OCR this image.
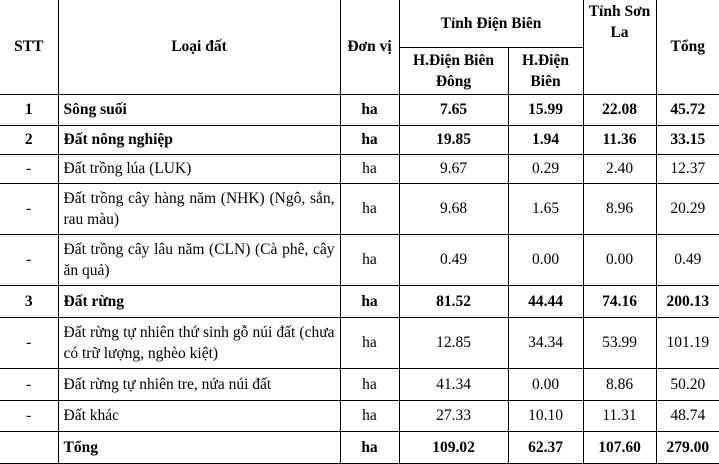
STT	Loại đất	Đơn vị	Tỉnh Điện Biên		Tỉnh Sơn La	Tổng
			H.Điện Biên Đông	H.Điện Biên		
1	Sông suối	ha	7.65	15.99	22.08	45.72
2	Đất nông nghiệp	ha	19.85	1.94	11.36	33.15
-	Đất trồng lúa (LUK)	ha	9.67	0.29	2.40	12.37
-	Đất trồng cây hàng năm (NHK) (Ngô, sắn, rau màu)	ha	9.68	1.65	8.96	20.29
-	Đất trồng cây lâu năm (CLN) (Cà phê, cây ăn quả)	ha	0.49	0.00	0.00	0.49
3	Đất rừng	ha	81.52	44.44	74.16	200.13
-	Đất rừng tự nhiên thứ sinh gỗ núi đất (chưa có trữ lượng, nghèo kiệt)	ha	12.85	34.34	53.99	101.19
-	Đất rừng tự nhiên tre, nứa núi đất	ha	41.34	0.00	8.86	50.20
-	Đất khác	ha	27.33	10.10	11.31	48.74
	Tổng	ha	109.02	62.37	107.60	279.00
